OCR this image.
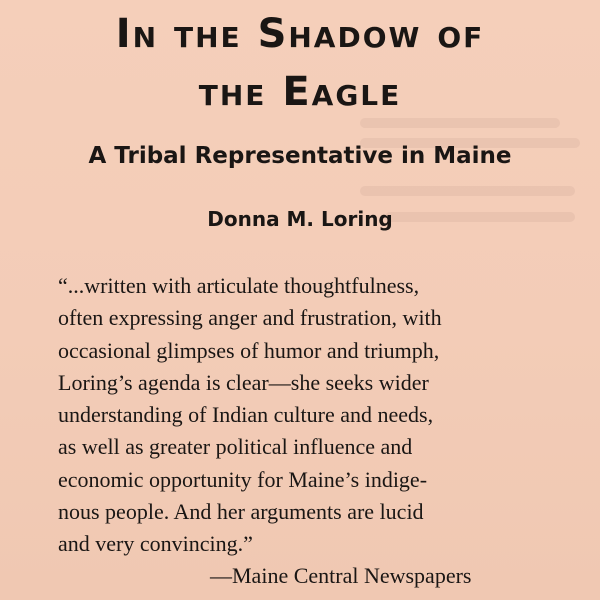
In the Shadow of
the Eagle
A Tribal Representative in Maine
Donna M. Loring

“...written with articulate thoughtfulness,
often expressing anger and frustration, with
occasional glimpses of humor and triumph,
Loring’s agenda is clear—she seeks wider
understanding of Indian culture and needs,
as well as greater political influence and
economic opportunity for Maine’s indige-
nous people. And her arguments are lucid
and very convincing.”

—Maine Central Newspapers
